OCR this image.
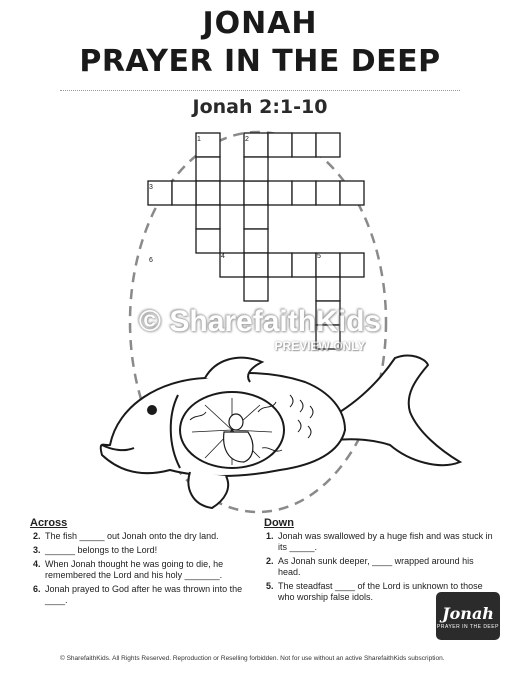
JONAH
PRAYER IN THE DEEP
Jonah 2:1-10
1	2
3
4	5
6
© SharefaithKids
PREVIEW ONLY
Across
2. The fish _____ out Jonah onto the dry land.
3. ______ belongs to the Lord!
4. When Jonah thought he was going to die, he remembered the Lord and his holy _______.
6. Jonah prayed to God after he was thrown into the ____.
Down
1. Jonah was swallowed by a huge fish and was stuck in its _____.
2. As Jonah sunk deeper, ____ wrapped around his head.
5. The steadfast ____ of the Lord is unknown to those who worship false idols.
Jonah
PRAYER IN THE DEEP
© SharefaithKids. All Rights Reserved. Reproduction or Reselling forbidden. Not for use without an active SharefaithKids subscription.
